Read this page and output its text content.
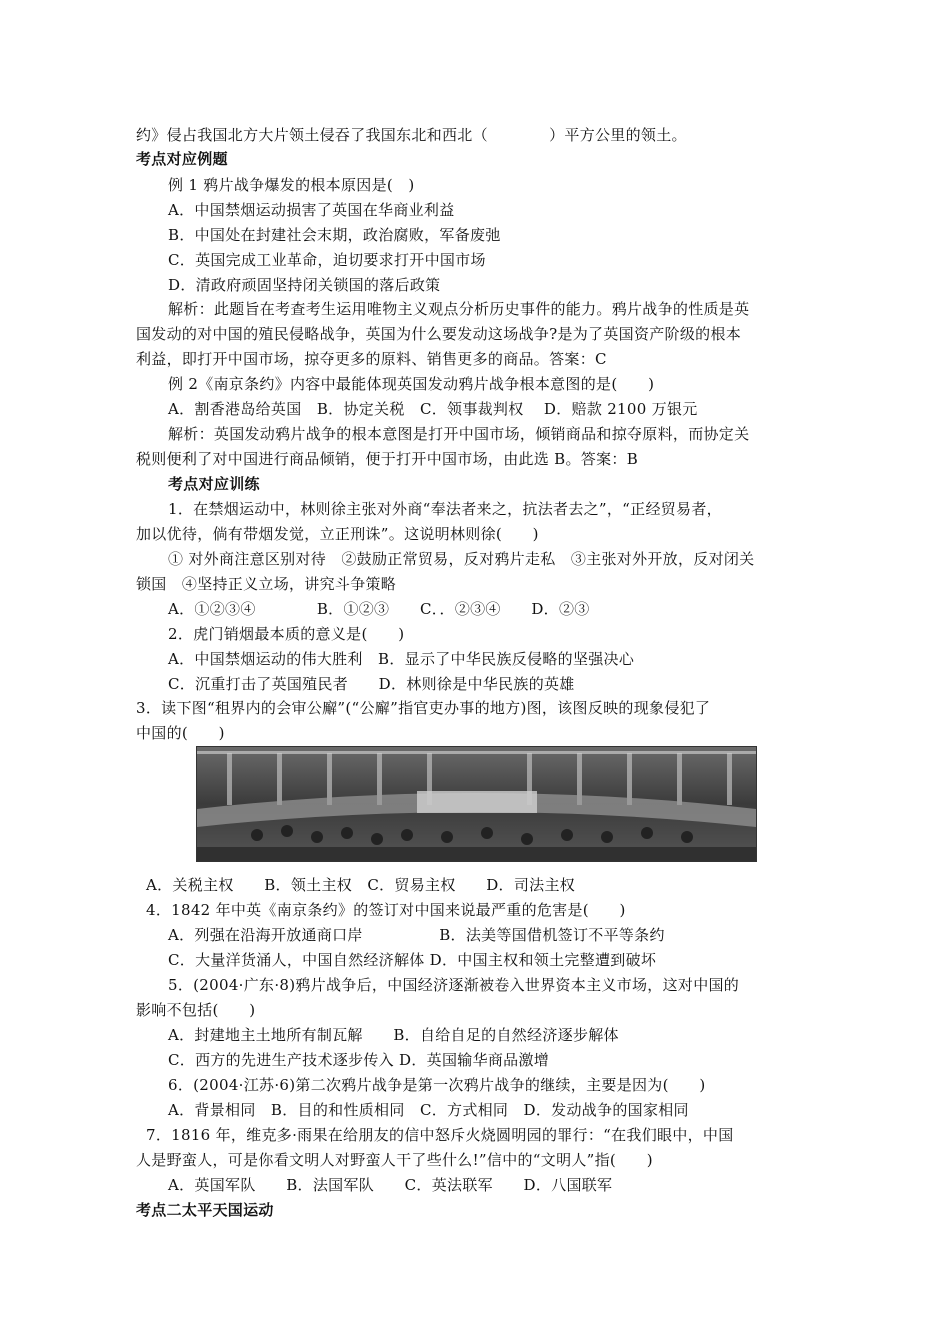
约》侵占我国北方大片领土侵吞了我国东北和西北（　　　　）平方公里的领土。
考点对应例题
例 1 鸦片战争爆发的根本原因是(　)
A．中国禁烟运动损害了英国在华商业利益
B．中国处在封建社会末期，政治腐败，军备废弛
C．英国完成工业革命，迫切要求打开中国市场
D．清政府顽固坚持闭关锁国的落后政策
解析：此题旨在考查考生运用唯物主义观点分析历史事件的能力。鸦片战争的性质是英
国发动的对中国的殖民侵略战争，英国为什么要发动这场战争?是为了英国资产阶级的根本
利益，即打开中国市场，掠夺更多的原料、销售更多的商品。答案：C
例 2《南京条约》内容中最能体现英国发动鸦片战争根本意图的是(　　)
A．割香港岛给英国　B．协定关税　C．领事裁判权　 D．赔款 2100 万银元
解析：英国发动鸦片战争的根本意图是打开中国市场，倾销商品和掠夺原料，而协定关
税则便利了对中国进行商品倾销，便于打开中国市场，由此选 B。答案：B
考点对应训练
1．在禁烟运动中，林则徐主张对外商“奉法者来之，抗法者去之”，“正经贸易者，
加以优待，倘有带烟发觉，立正刑诛”。这说明林则徐(　　)
① 对外商注意区别对待　②鼓励正常贸易，反对鸦片走私　③主张对外开放，反对闭关
锁国　④坚持正义立场，讲究斗争策略
A．①②③④　　　　B．①②③　　C．．②③④　　D．②③
2．虎门销烟最本质的意义是(　　)
A．中国禁烟运动的伟大胜利　B．显示了中华民族反侵略的坚强决心
C．沉重打击了英国殖民者　　D．林则徐是中华民族的英雄
3．读下图“租界内的会审公廨”(“公廨”指官吏办事的地方)图，该图反映的现象侵犯了
中国的(　　)
A．关税主权　　B．领土主权　C．贸易主权　　D．司法主权
4．1842 年中英《南京条约》的签订对中国来说最严重的危害是(　　)
A．列强在沿海开放通商口岸　　　　　B．法美等国借机签订不平等条约
C．大量洋货涌人，中国自然经济解体 D．中国主权和领土完整遭到破坏
5．(2004·广东·8)鸦片战争后，中国经济逐渐被卷入世界资本主义市场，这对中国的
影响不包括(　　)
A．封建地主土地所有制瓦解　　B．自给自足的自然经济逐步解体
C．西方的先进生产技术逐步传入 D．英国输华商品激增
6．(2004·江苏·6)第二次鸦片战争是第一次鸦片战争的继续，主要是因为(　　)
A．背景相同　B．目的和性质相同　C．方式相同　D．发动战争的国家相同
7．1816 年，维克多·雨果在给朋友的信中怒斥火烧圆明园的罪行：“在我们眼中，中国
人是野蛮人，可是你看文明人对野蛮人干了些什么!”信中的“文明人”指(　　)
A．英国军队　　B．法国军队　　C．英法联军　　D．八国联军
考点二太平天国运动
